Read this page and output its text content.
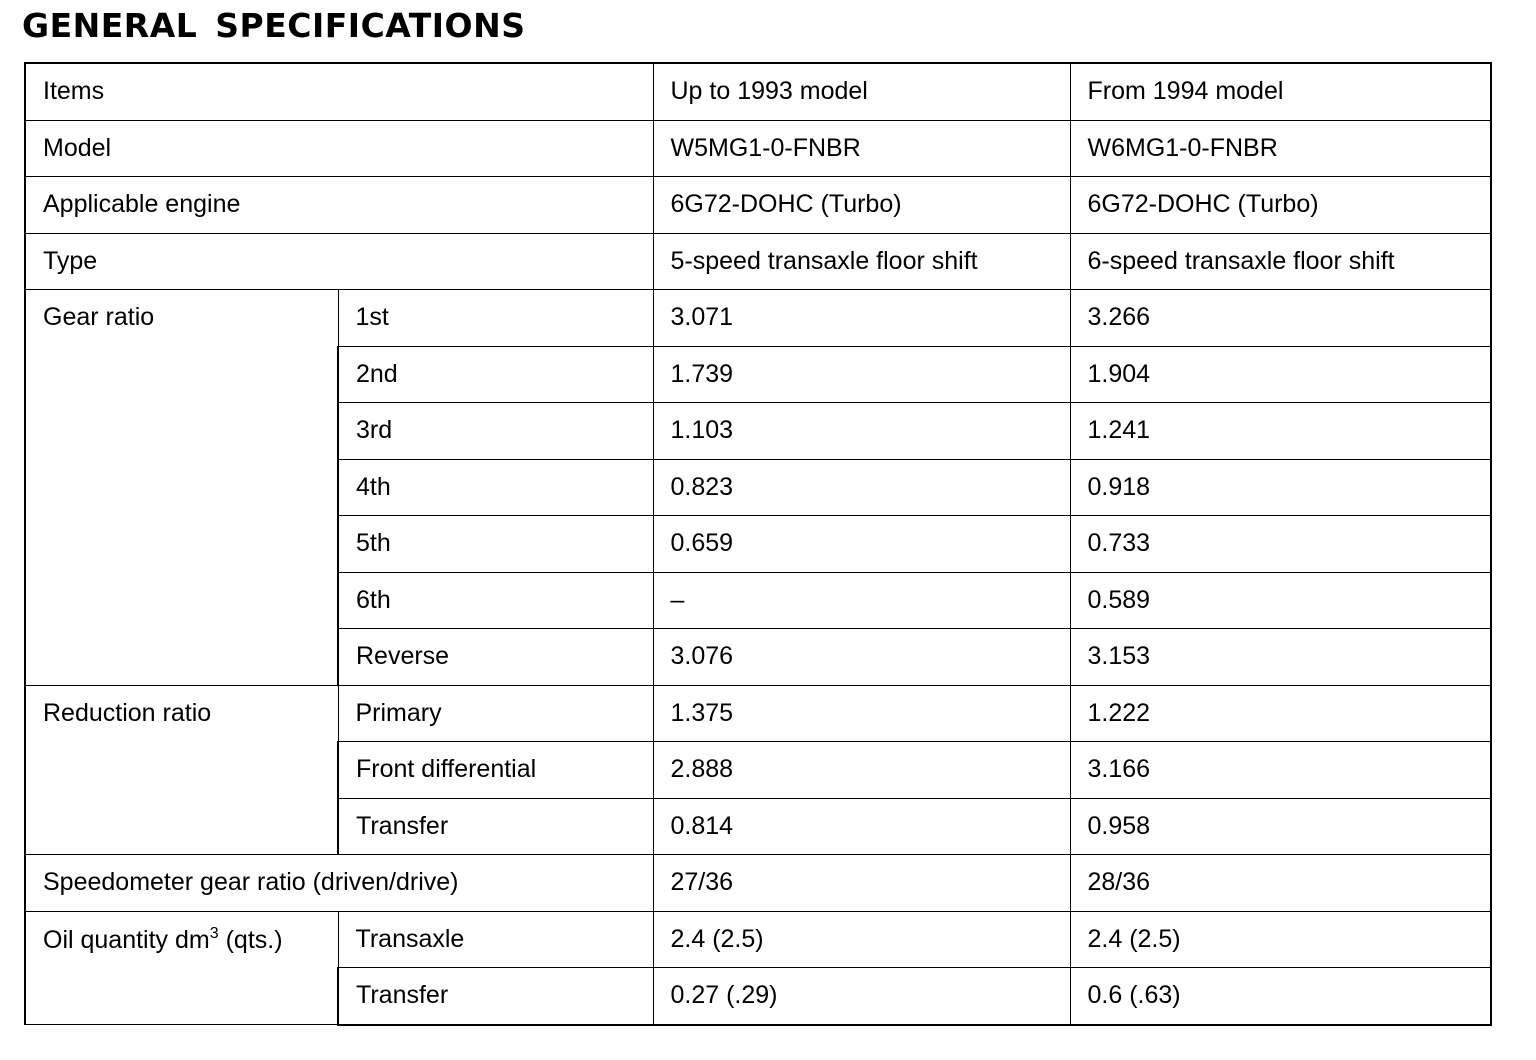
GENERAL SPECIFICATIONS
Items		Up to 1993 model	From 1994 model
Model		W5MG1-0-FNBR	W6MG1-0-FNBR
Applicable engine		6G72-DOHC (Turbo)	6G72-DOHC (Turbo)
Type		5-speed transaxle floor shift	6-speed transaxle floor shift
Gear ratio	1st	3.071	3.266
	2nd	1.739	1.904
	3rd	1.103	1.241
	4th	0.823	0.918
	5th	0.659	0.733
	6th	–	0.589
	Reverse	3.076	3.153
Reduction ratio	Primary	1.375	1.222
	Front differential	2.888	3.166
	Transfer	0.814	0.958
Speedometer gear ratio (driven/drive)		27/36	28/36
Oil quantity $dm^3$ (qts.)	Transaxle	2.4 (2.5)	2.4 (2.5)
	Transfer	0.27 (.29)	0.6 (.63)
